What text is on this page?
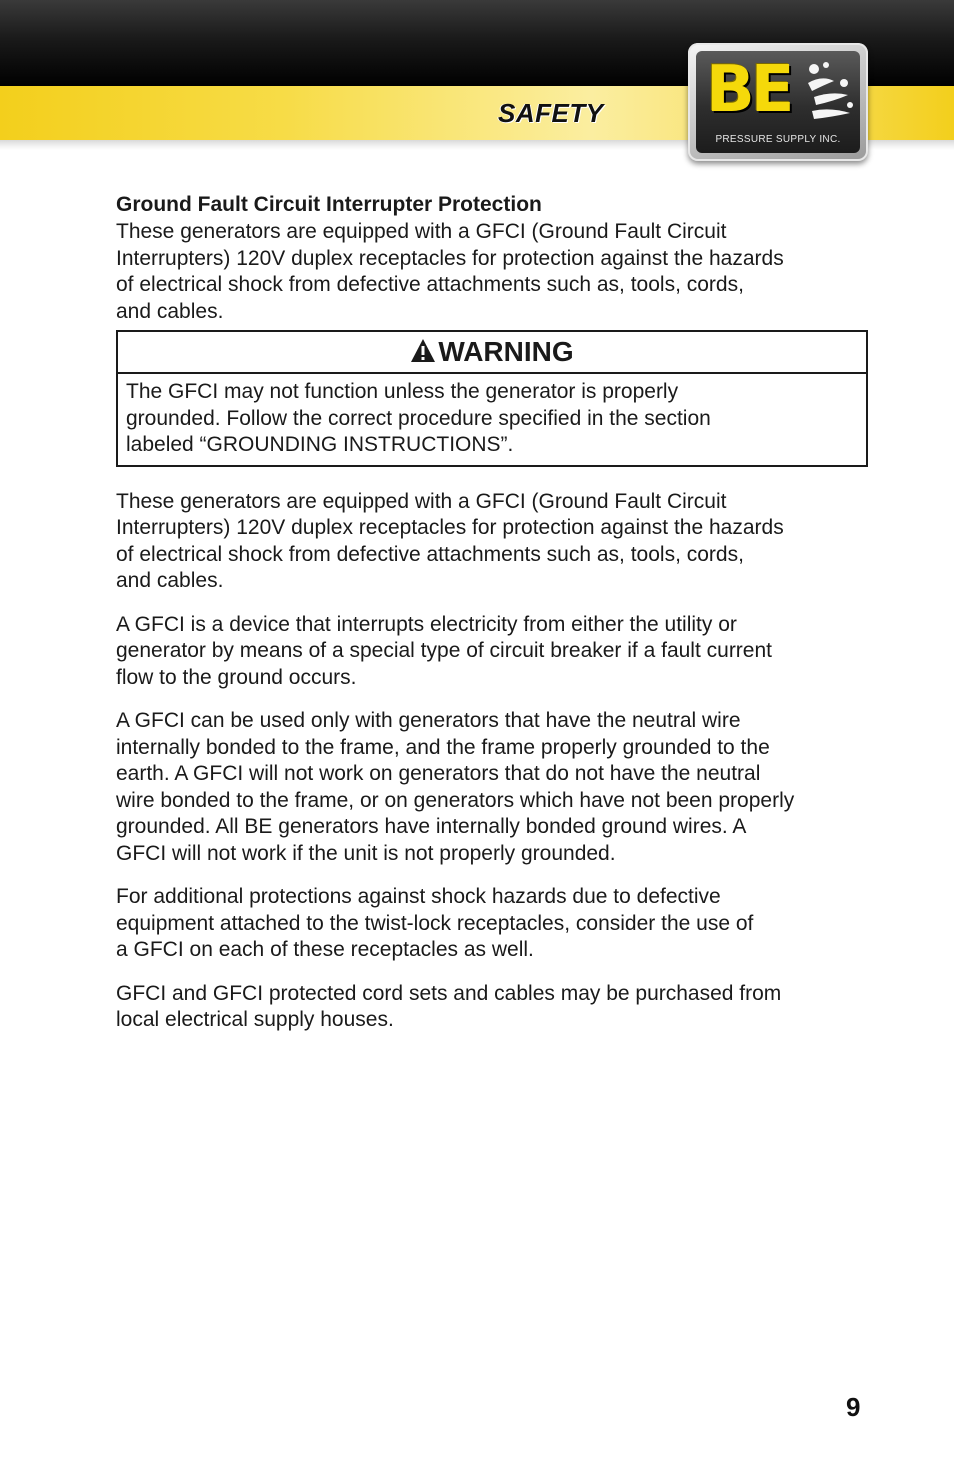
SAFETY BE
PRESSURE SUPPLY INC.
Ground Fault Circuit Interrupter Protection

These generators are equipped with a GFCI (Ground Fault Circuit
Interrupters) 120V duplex receptacles for protection against the hazards
of electrical shock from defective attachments such as, tools, cords,
and cables.

WARNING

The GFCI may not function unless the generator is properly
grounded. Follow the correct procedure specified in the section
labeled “GROUNDING INSTRUCTIONS”.

These generators are equipped with a GFCI (Ground Fault Circuit
Interrupters) 120V duplex receptacles for protection against the hazards
of electrical shock from defective attachments such as, tools, cords,
and cables.

A GFCI is a device that interrupts electricity from either the utility or
generator by means of a special type of circuit breaker if a fault current
flow to the ground occurs.

A GFCI can be used only with generators that have the neutral wire
internally bonded to the frame, and the frame properly grounded to the
earth. A GFCI will not work on generators that do not have the neutral
wire bonded to the frame, or on generators which have not been properly
grounded. All BE generators have internally bonded ground wires. A
GFCI will not work if the unit is not properly grounded.

For additional protections against shock hazards due to defective
equipment attached to the twist-lock receptacles, consider the use of
a GFCI on each of these receptacles as well.

GFCI and GFCI protected cord sets and cables may be purchased from
local electrical supply houses.

9
